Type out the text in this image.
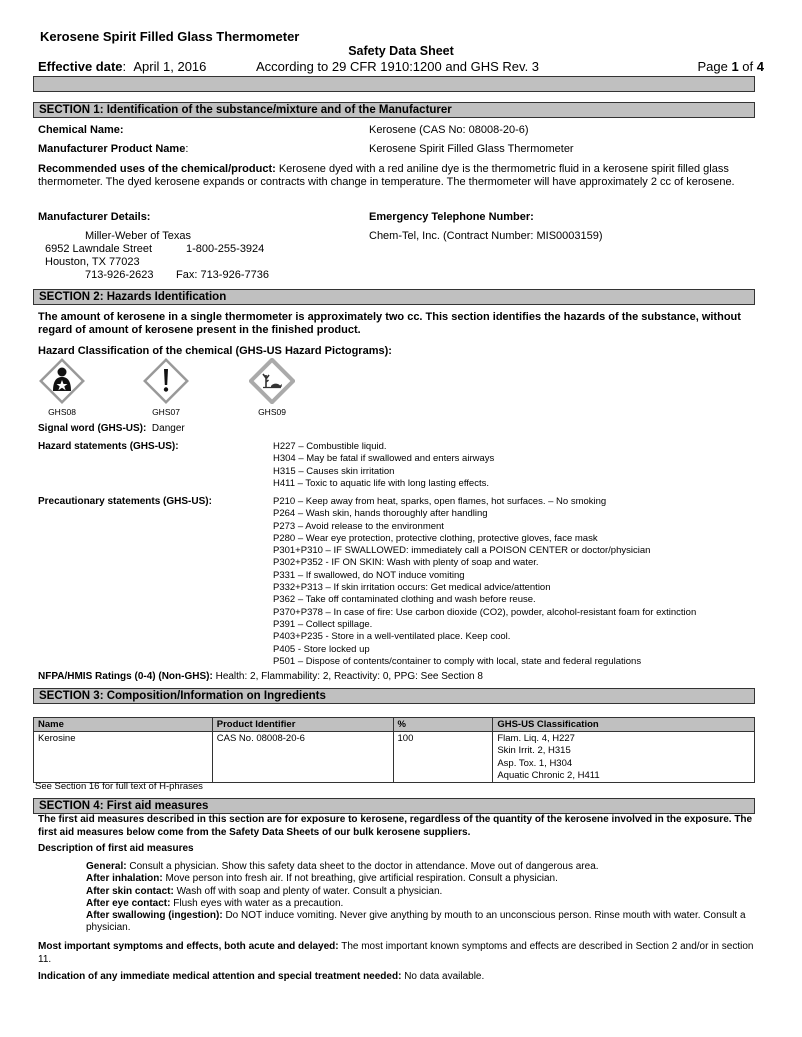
Kerosene Spirit Filled Glass Thermometer
Safety Data Sheet
Effective date:  April 1, 2016	According to 29 CFR 1910:1200 and GHS Rev. 3	Page 1 of 4
SECTION 1: Identification of the substance/mixture and of the Manufacturer
Chemical Name:	Kerosene (CAS No: 08008-20-6)
Manufacturer Product Name:	Kerosene Spirit Filled Glass Thermometer
Recommended uses of the chemical/product: Kerosene dyed with a red aniline dye is the thermometric fluid in a kerosene spirit filled glass thermometer. The dyed kerosene expands or contracts with change in temperature. The thermometer will have approximately 2 cc of kerosene.
Manufacturer Details:
Miller-Weber of Texas
6952 Lawndale Street	1-800-255-3924
Houston, TX 77023
713-926-2623 Fax: 713-926-7736
Emergency Telephone Number:
Chem-Tel, Inc. (Contract Number: MIS0003159)
SECTION 2: Hazards Identification
The amount of kerosene in a single thermometer is approximately two cc. This section identifies the hazards of the substance, without regard of amount of kerosene present in the finished product.
Hazard Classification of the chemical (GHS-US Hazard Pictograms):
GHS08	GHS07	GHS09
Signal word (GHS-US): Danger
Hazard statements (GHS-US):	H227 – Combustible liquid.
H304 – May be fatal if swallowed and enters airways
H315 – Causes skin irritation
H411 – Toxic to aquatic life with long lasting effects.
Precautionary statements (GHS-US):	P210 – Keep away from heat, sparks, open flames, hot surfaces. – No smoking
P264 – Wash skin, hands thoroughly after handling
P273 – Avoid release to the environment
P280 – Wear eye protection, protective clothing, protective gloves, face mask
P301+P310 – IF SWALLOWED: immediately call a POISON CENTER or doctor/physician
P302+P352 - IF ON SKIN: Wash with plenty of soap and water.
P331 – If swallowed, do NOT induce vomiting
P332+P313 – If skin irritation occurs: Get medical advice/attention
P362 – Take off contaminated clothing and wash before reuse.
P370+P378 – In case of fire: Use carbon dioxide (CO2), powder, alcohol-resistant foam for extinction
P391 – Collect spillage.
P403+P235 - Store in a well-ventilated place. Keep cool.
P405 - Store locked up
P501 – Dispose of contents/container to comply with local, state and federal regulations
NFPA/HMIS Ratings (0-4) (Non-GHS): Health: 2, Flammability: 2, Reactivity: 0, PPG: See Section 8
SECTION 3: Composition/Information on Ingredients
Name	Product Identifier	%	GHS-US Classification
Kerosine	CAS No. 08008-20-6	100	Flam. Liq. 4, H227
Skin Irrit. 2, H315
Asp. Tox. 1, H304
Aquatic Chronic 2, H411
See Section 16 for full text of H-phrases
SECTION 4: First aid measures
The first aid measures described in this section are for exposure to kerosene, regardless of the quantity of the kerosene involved in the exposure. The first aid measures below come from the Safety Data Sheets of our bulk kerosene suppliers.
Description of first aid measures
General: Consult a physician. Show this safety data sheet to the doctor in attendance. Move out of dangerous area.
After inhalation: Move person into fresh air. If not breathing, give artificial respiration. Consult a physician.
After skin contact: Wash off with soap and plenty of water. Consult a physician.
After eye contact: Flush eyes with water as a precaution.
After swallowing (ingestion): Do NOT induce vomiting. Never give anything by mouth to an unconscious person. Rinse mouth with water. Consult a physician.
Most important symptoms and effects, both acute and delayed: The most important known symptoms and effects are described in Section 2 and/or in section 11.
Indication of any immediate medical attention and special treatment needed: No data available.
